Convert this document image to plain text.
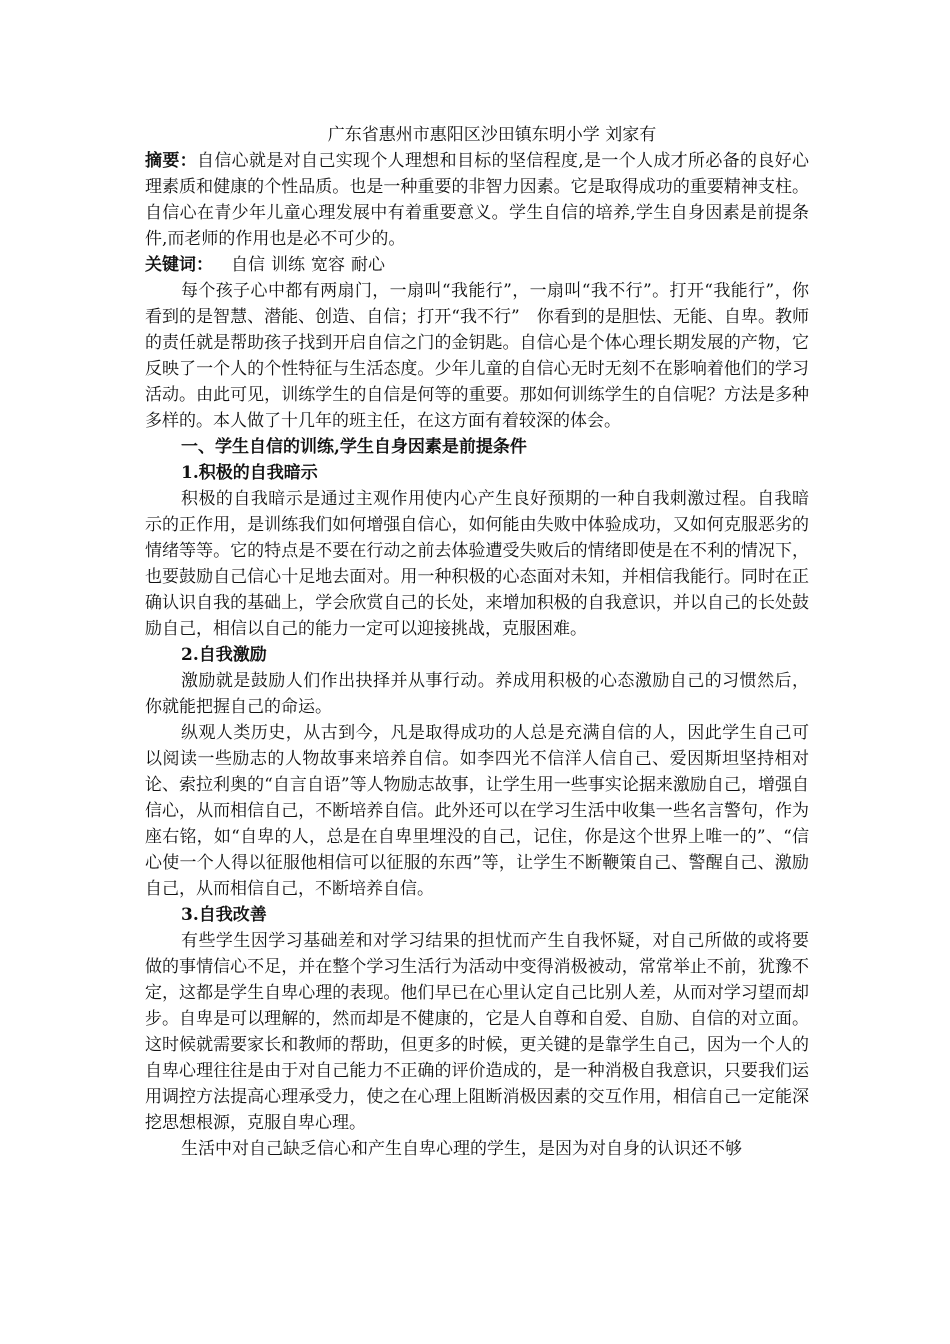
广东省惠州市惠阳区沙田镇东明小学 刘家有

摘要：自信心就是对自己实现个人理想和目标的坚信程度,是一个人成才所必备的良好心理素质和健康的个性品质。也是一种重要的非智力因素。它是取得成功的重要精神支柱。自信心在青少年儿童心理发展中有着重要意义。学生自信的培养,学生自身因素是前提条件,而老师的作用也是必不可少的。

关键词： 自信 训练 宽容 耐心

每个孩子心中都有两扇门，一扇叫“我能行”，一扇叫“我不行”。打开“我能行”，你看到的是智慧、潜能、创造、自信；打开“我不行”　你看到的是胆怯、无能、自卑。教师的责任就是帮助孩子找到开启自信之门的金钥匙。自信心是个体心理长期发展的产物，它反映了一个人的个性特征与生活态度。少年儿童的自信心无时无刻不在影响着他们的学习活动。由此可见，训练学生的自信是何等的重要。那如何训练学生的自信呢？方法是多种多样的。本人做了十几年的班主任，在这方面有着较深的体会。

一、学生自信的训练,学生自身因素是前提条件

1.积极的自我暗示

积极的自我暗示是通过主观作用使内心产生良好预期的一种自我刺激过程。自我暗示的正作用，是训练我们如何增强自信心，如何能由失败中体验成功，又如何克服恶劣的情绪等等。它的特点是不要在行动之前去体验遭受失败后的情绪即使是在不利的情况下，也要鼓励自己信心十足地去面对。用一种积极的心态面对未知，并相信我能行。同时在正确认识自我的基础上，学会欣赏自己的长处，来增加积极的自我意识，并以自己的长处鼓励自己，相信以自己的能力一定可以迎接挑战，克服困难。

2.自我激励

激励就是鼓励人们作出抉择并从事行动。养成用积极的心态激励自己的习惯然后，你就能把握自己的命运。

纵观人类历史，从古到今，凡是取得成功的人总是充满自信的人，因此学生自己可以阅读一些励志的人物故事来培养自信。如李四光不信洋人信自己、爱因斯坦坚持相对论、索拉利奥的“自言自语”等人物励志故事，让学生用一些事实论据来激励自己，增强自信心，从而相信自己，不断培养自信。此外还可以在学习生活中收集一些名言警句，作为座右铭，如“自卑的人，总是在自卑里埋没的自己，记住，你是这个世界上唯一的”、“信心使一个人得以征服他相信可以征服的东西”等，让学生不断鞭策自己、警醒自己、激励自己，从而相信自己，不断培养自信。

3.自我改善

有些学生因学习基础差和对学习结果的担忧而产生自我怀疑，对自己所做的或将要做的事情信心不足，并在整个学习生活行为活动中变得消极被动，常常举止不前，犹豫不定，这都是学生自卑心理的表现。他们早已在心里认定自己比别人差，从而对学习望而却步。自卑是可以理解的，然而却是不健康的，它是人自尊和自爱、自励、自信的对立面。这时候就需要家长和教师的帮助，但更多的时候，更关键的是靠学生自己，因为一个人的自卑心理往往是由于对自己能力不正确的评价造成的，是一种消极自我意识，只要我们运用调控方法提高心理承受力，使之在心理上阻断消极因素的交互作用，相信自己一定能深挖思想根源，克服自卑心理。

生活中对自己缺乏信心和产生自卑心理的学生，是因为对自身的认识还不够
